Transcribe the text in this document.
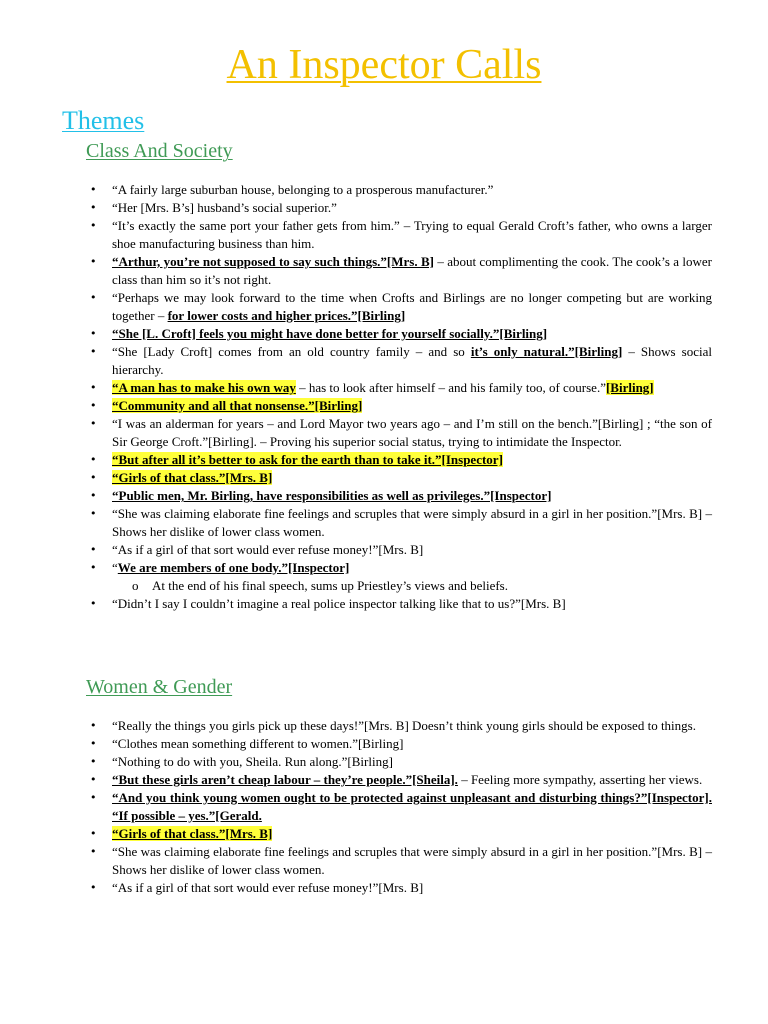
An Inspector Calls
Themes
Class And Society
• “A fairly large suburban house, belonging to a prosperous manufacturer.”
• “Her [Mrs. B’s] husband’s social superior.”
• “It’s exactly the same port your father gets from him.” – Trying to equal Gerald Croft’s father, who owns a larger shoe manufacturing business than him.
• “Arthur, you’re not supposed to say such things.”[Mrs. B] – about complimenting the cook. The cook’s a lower class than him so it’s not right.
• “Perhaps we may look forward to the time when Crofts and Birlings are no longer competing but are working together – for lower costs and higher prices.”[Birling]
• “She [L. Croft] feels you might have done better for yourself socially.”[Birling]
• “She [Lady Croft] comes from an old country family – and so it’s only natural.”[Birling] – Shows social hierarchy.
• “A man has to make his own way – has to look after himself – and his family too, of course.”[Birling]
• “Community and all that nonsense.”[Birling]
• “I was an alderman for years – and Lord Mayor two years ago – and I’m still on the bench.”[Birling] ; “the son of Sir George Croft.”[Birling]. – Proving his superior social status, trying to intimidate the Inspector.
• “But after all it’s better to ask for the earth than to take it.”[Inspector]
• “Girls of that class.”[Mrs. B]
• “Public men, Mr. Birling, have responsibilities as well as privileges.”[Inspector]
• “She was claiming elaborate fine feelings and scruples that were simply absurd in a girl in her position.”[Mrs. B] – Shows her dislike of lower class women.
• “As if a girl of that sort would ever refuse money!”[Mrs. B]
• “We are members of one body.”[Inspector]
o At the end of his final speech, sums up Priestley’s views and beliefs.
• “Didn’t I say I couldn’t imagine a real police inspector talking like that to us?”[Mrs. B]
Women & Gender
• “Really the things you girls pick up these days!”[Mrs. B] Doesn’t think young girls should be exposed to things.
• “Clothes mean something different to women.”[Birling]
• “Nothing to do with you, Sheila. Run along.”[Birling]
• “But these girls aren’t cheap labour – they’re people.”[Sheila]. – Feeling more sympathy, asserting her views.
• “And you think young women ought to be protected against unpleasant and disturbing things?”[Inspector]. “If possible – yes.”[Gerald.
• “Girls of that class.”[Mrs. B]
• “She was claiming elaborate fine feelings and scruples that were simply absurd in a girl in her position.”[Mrs. B] – Shows her dislike of lower class women.
• “As if a girl of that sort would ever refuse money!”[Mrs. B]
